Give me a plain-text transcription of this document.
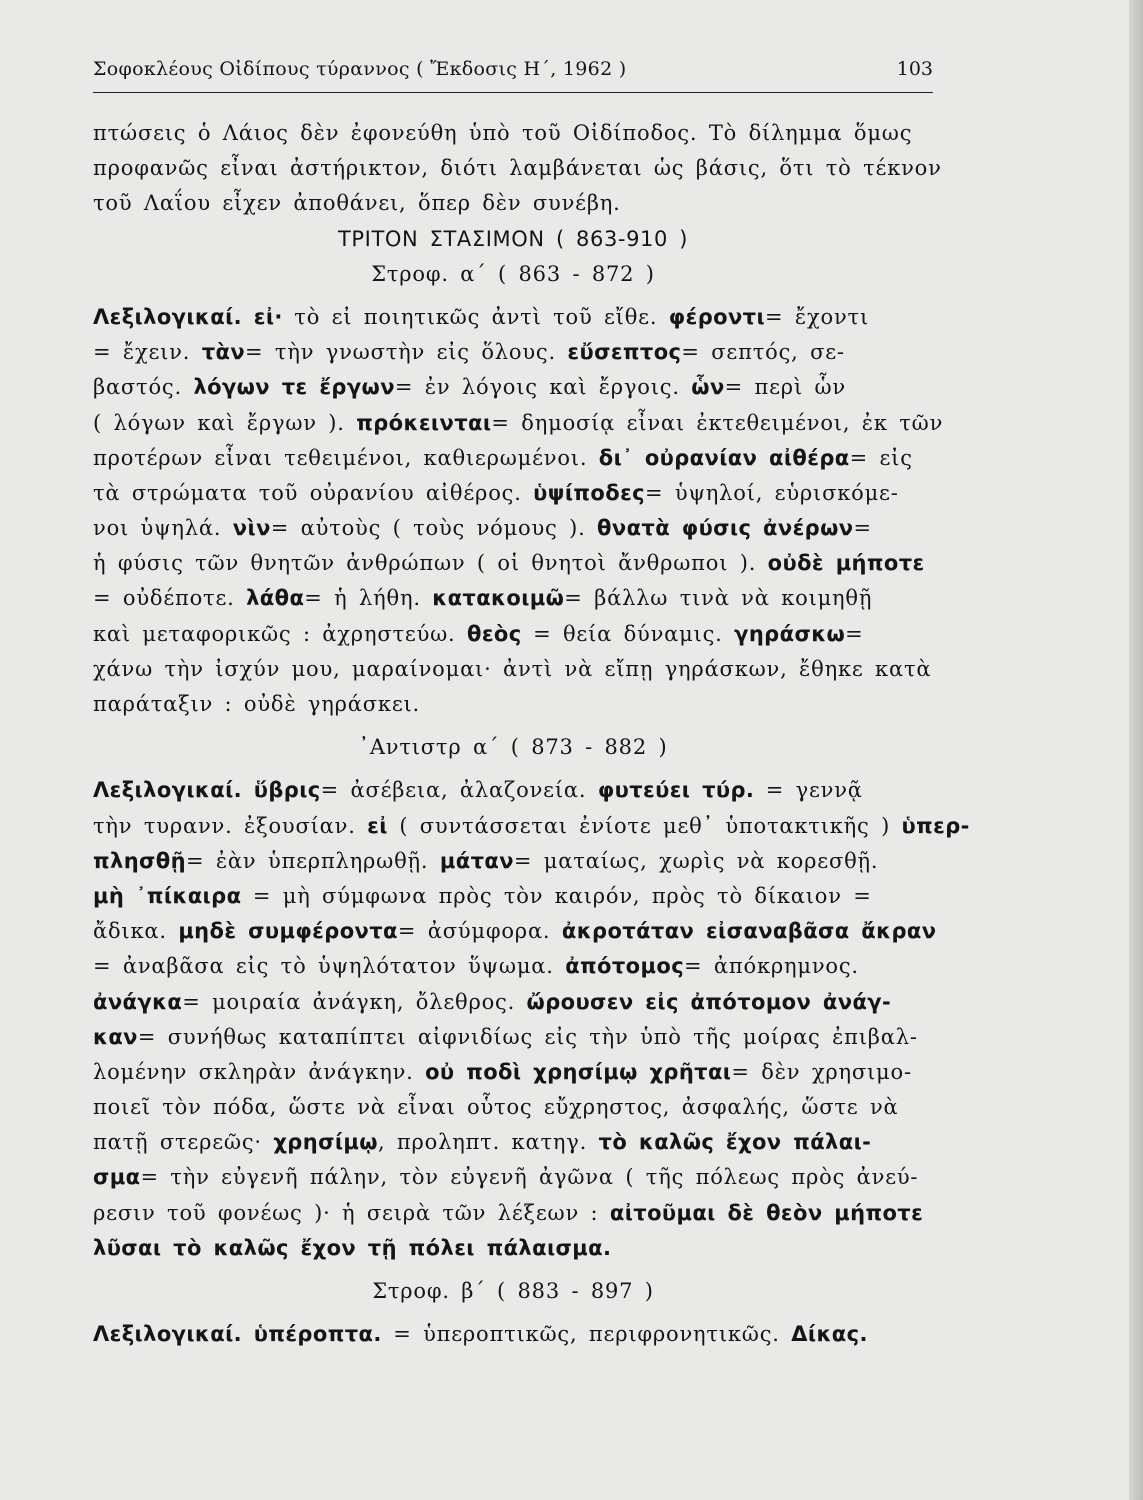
Σοφοκλέους Οἰδίπους τύραννος ( Ἔκδοσις Η΄, 1962 )	103
πτώσεις ὁ Λάιος δὲν ἐφονεύθη ὑπὸ τοῦ Οἰδίποδος. Τὸ δίλημμα ὅμως
προφανῶς εἶναι ἀστήρικτον, διότι λαμβάνεται ὡς βάσις, ὅτι τὸ τέκνον
τοῦ Λαΐου εἶχεν ἀποθάνει, ὅπερ δὲν συνέβη.
ΤΡΙΤΟΝ ΣΤΑΣΙΜΟΝ ( 863-910 )
Στροφ. α΄ ( 863 - 872 )
Λεξιλογικαί. εἰ· τὸ εἰ ποιητικῶς ἀντὶ τοῦ εἴθε. φέροντι= ἔχοντι
= ἔχειν. τὰν= τὴν γνωστὴν εἰς ὅλους. εὔσεπτος= σεπτός, σε-
βαστός. λόγων τε ἔργων= ἐν λόγοις καὶ ἔργοις. ὧν= περὶ ὧν
( λόγων καὶ ἔργων ). πρόκεινται= δημοσίᾳ εἶναι ἐκτεθειμένοι, ἐκ τῶν
προτέρων εἶναι τεθειμένοι, καθιερωμένοι. δι᾽ οὐρανίαν αἰθέρα= εἰς
τὰ στρώματα τοῦ οὐρανίου αἰθέρος. ὑψίποδες= ὑψηλοί, εὑρισκόμε-
νοι ὑψηλά. νὶν= αὐτοὺς ( τοὺς νόμους ). θνατὰ φύσις ἀνέρων=
ἡ φύσις τῶν θνητῶν ἀνθρώπων ( οἱ θνητοὶ ἄνθρωποι ). οὐδὲ μήποτε
= οὐδέποτε. λάθα= ἡ λήθη. κατακοιμῶ= βάλλω τινὰ νὰ κοιμηθῇ
καὶ μεταφορικῶς : ἀχρηστεύω. θεὸς = θεία δύναμις. γηράσκω=
χάνω τὴν ἰσχύν μου, μαραίνομαι· ἀντὶ νὰ εἴπῃ γηράσκων, ἔθηκε κατὰ
παράταξιν : οὐδὲ γηράσκει.
᾿Αντιστρ α΄ ( 873 - 882 )
Λεξιλογικαί. ὕβρις= ἀσέβεια, ἀλαζονεία. φυτεύει τύρ. = γεννᾷ
τὴν τυρανν. ἐξουσίαν. εἰ ( συντάσσεται ἐνίοτε μεθ᾽ ὑποτακτικῆς ) ὑπερ-
πλησθῇ= ἐὰν ὑπερπληρωθῇ. μάταν= ματαίως, χωρὶς νὰ κορεσθῇ.
μὴ ᾿πίκαιρα = μὴ σύμφωνα πρὸς τὸν καιρόν, πρὸς τὸ δίκαιον =
ἄδικα. μηδὲ συμφέροντα= ἀσύμφορα. ἀκροτάταν εἰσαναβᾶσα ἄκραν
= ἀναβᾶσα εἰς τὸ ὑψηλότατον ὕψωμα. ἀπότομος= ἀπόκρημνος.
ἀνάγκα= μοιραία ἀνάγκη, ὄλεθρος. ὤρουσεν εἰς ἀπότομον ἀνάγ-
καν= συνήθως καταπίπτει αἰφνιδίως εἰς τὴν ὑπὸ τῆς μοίρας ἐπιβαλ-
λομένην σκληρὰν ἀνάγκην. οὐ ποδὶ χρησίμῳ χρῆται= δὲν χρησιμο-
ποιεῖ τὸν πόδα, ὥστε νὰ εἶναι οὗτος εὔχρηστος, ἀσφαλής, ὥστε νὰ
πατῇ στερεῶς· χρησίμῳ, προληπτ. κατηγ. τὸ καλῶς ἔχον πάλαι-
σμα= τὴν εὐγενῆ πάλην, τὸν εὐγενῆ ἀγῶνα ( τῆς πόλεως πρὸς ἀνεύ-
ρεσιν τοῦ φονέως )· ἡ σειρὰ τῶν λέξεων : αἰτοῦμαι δὲ θεὸν μήποτε
λῦσαι τὸ καλῶς ἔχον τῇ πόλει πάλαισμα.
Στροφ. β΄ ( 883 - 897 )
Λεξιλογικαί. ὑπέροπτα. = ὑπεροπτικῶς, περιφρονητικῶς. Δίκας.
